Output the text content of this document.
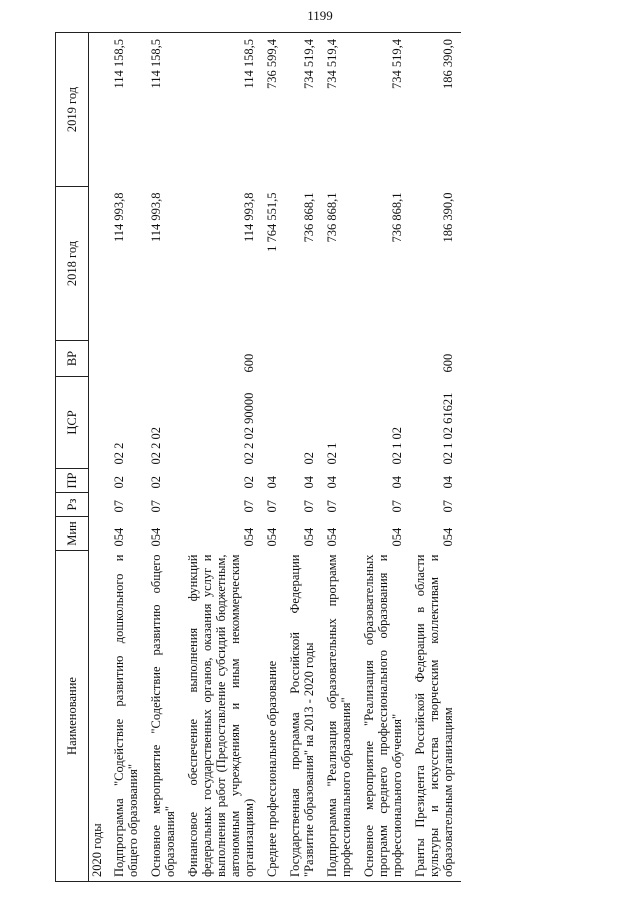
1199
Наименование	Мин	Рз	ПР	ЦСР	ВР	2018 год	2019 год
2020 годы							
Подпрограмма "Содействие развитию дошкольного и общего образования"	054	07	02	02 2		114 993,8	114 158,5
Основное мероприятие "Содействие развитию общего образования"	054	07	02	02 2 02		114 993,8	114 158,5
Финансовое обеспечение выполнения функций федеральных государственных органов, оказания услуг и выполнения работ (Предоставление субсидий бюджетным, автономным учреждениям и иным некоммерческим организациям)	054	07	02	02 2 02 90000	600	114 993,8	114 158,5
Среднее профессиональное образование	054	07	04			1 764 551,5	736 599,4
Государственная программа Российской Федерации "Развитие образования" на 2013 - 2020 годы	054	07	04	02		736 868,1	734 519,4
Подпрограмма "Реализация образовательных программ профессионального образования"	054	07	04	02 1		736 868,1	734 519,4
Основное мероприятие "Реализация образовательных программ среднего профессионального образования и профессионального обучения"	054	07	04	02 1 02		736 868,1	734 519,4
Гранты Президента Российской Федерации в области культуры и искусства творческим коллективам и образовательным организациям	054	07	04	02 1 02 61621	600	186 390,0	186 390,0
